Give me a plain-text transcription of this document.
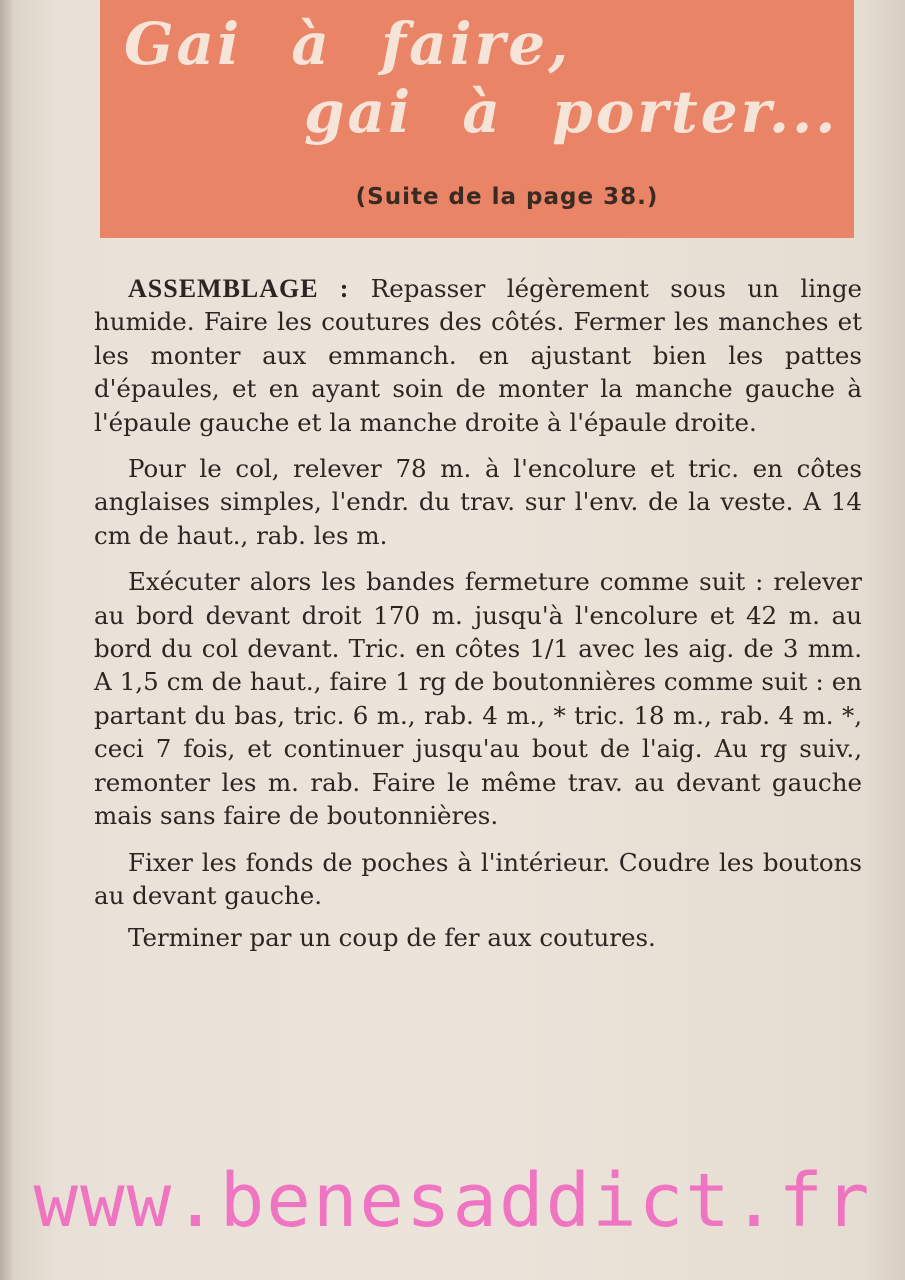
Gai à faire,
gai à porter...
(Suite de la page 38.)

ASSEMBLAGE : Repasser légèrement sous un linge humide. Faire les coutures des côtés. Fermer les manches et les monter aux emmanch. en ajustant bien les pattes d'épaules, et en ayant soin de monter la manche gauche à l'épaule gauche et la manche droite à l'épaule droite.

Pour le col, relever 78 m. à l'encolure et tric. en côtes anglaises simples, l'endr. du trav. sur l'env. de la veste. A 14 cm de haut., rab. les m.

Exécuter alors les bandes fermeture comme suit : relever au bord devant droit 170 m. jusqu'à l'encolure et 42 m. au bord du col devant. Tric. en côtes 1/1 avec les aig. de 3 mm. A 1,5 cm de haut., faire 1 rg de boutonnières comme suit : en partant du bas, tric. 6 m., rab. 4 m., * tric. 18 m., rab. 4 m. *, ceci 7 fois, et continuer jusqu'au bout de l'aig. Au rg suiv., remonter les m. rab. Faire le même trav. au devant gauche mais sans faire de boutonnières.

Fixer les fonds de poches à l'intérieur. Coudre les boutons au devant gauche.

Terminer par un coup de fer aux coutures.

www.benesaddict.fr
